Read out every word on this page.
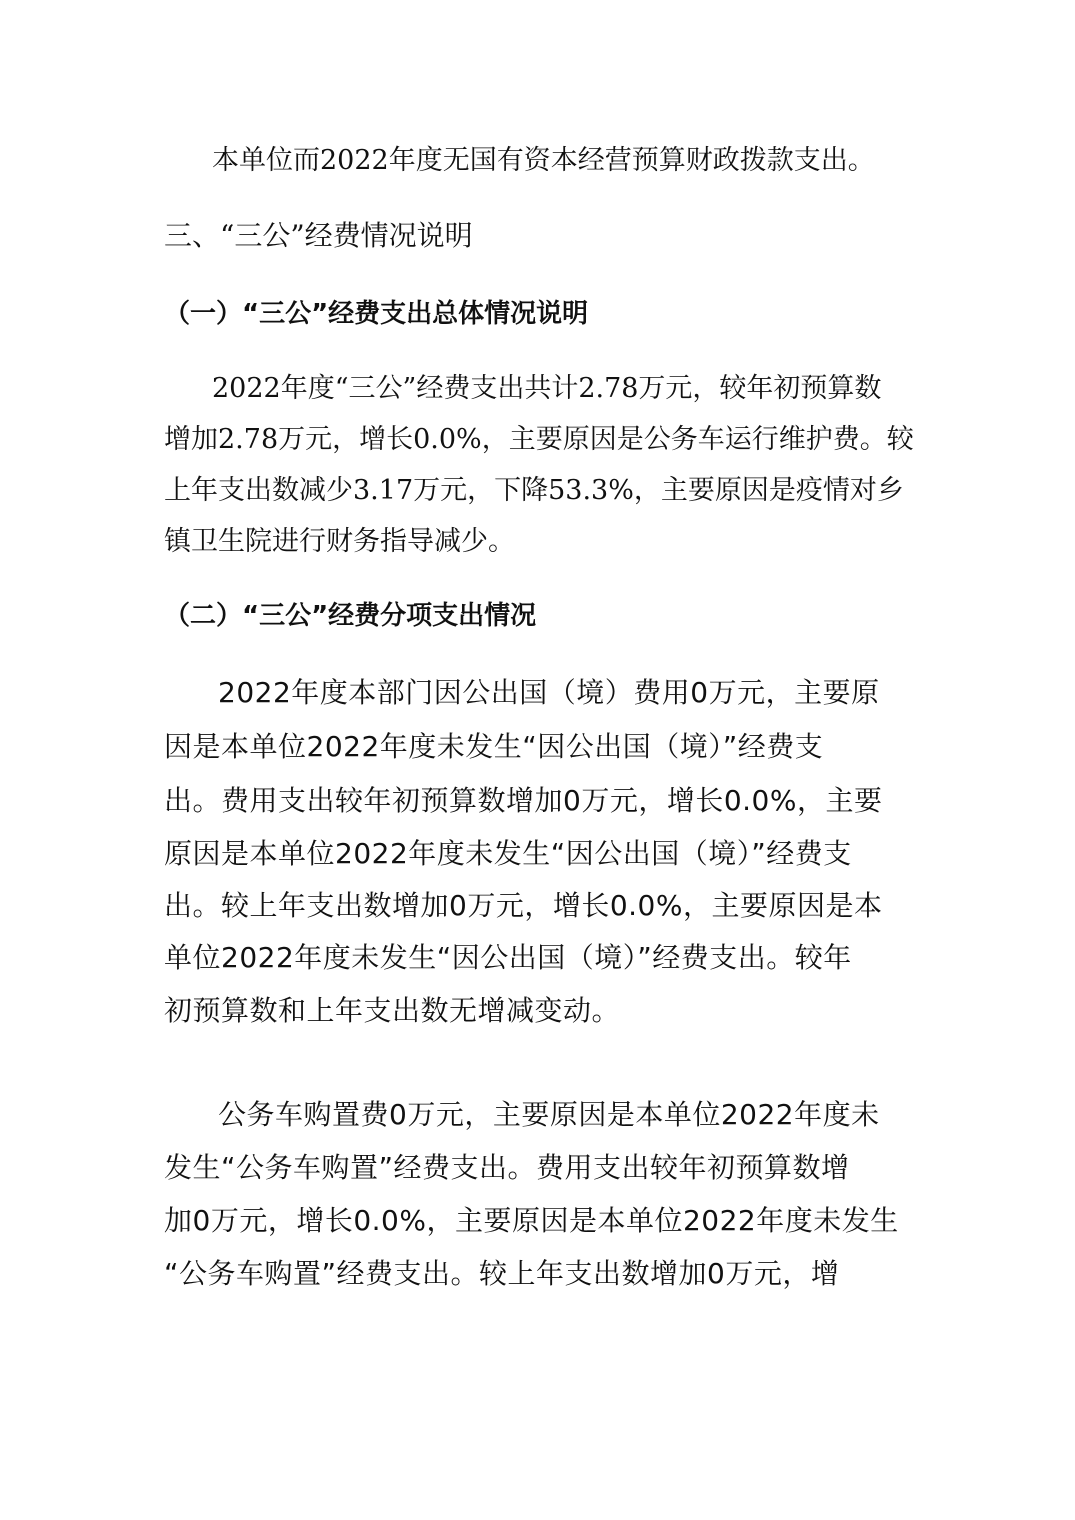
本单位而2022年度无国有资本经营预算财政拨款支出。
三、“三公”经费情况说明
（一）“三公”经费支出总体情况说明
2022年度“三公”经费支出共计2.78万元，较年初预算数
增加2.78万元，增长0.0%，主要原因是公务车运行维护费。较
上年支出数减少3.17万元，下降53.3%，主要原因是疫情对乡
镇卫生院进行财务指导减少。
（二）“三公”经费分项支出情况
2022年度本部门因公出国（境）费用0万元，主要原
因是本单位2022年度未发生“因公出国（境）”经费支
出。费用支出较年初预算数增加0万元，增长0.0%，主要
原因是本单位2022年度未发生“因公出国（境）”经费支
出。较上年支出数增加0万元，增长0.0%，主要原因是本
单位2022年度未发生“因公出国（境）”经费支出。较年
初预算数和上年支出数无增减变动。
公务车购置费0万元，主要原因是本单位2022年度未
发生“公务车购置”经费支出。费用支出较年初预算数增
加0万元，增长0.0%，主要原因是本单位2022年度未发生
“公务车购置”经费支出。较上年支出数增加0万元，增
